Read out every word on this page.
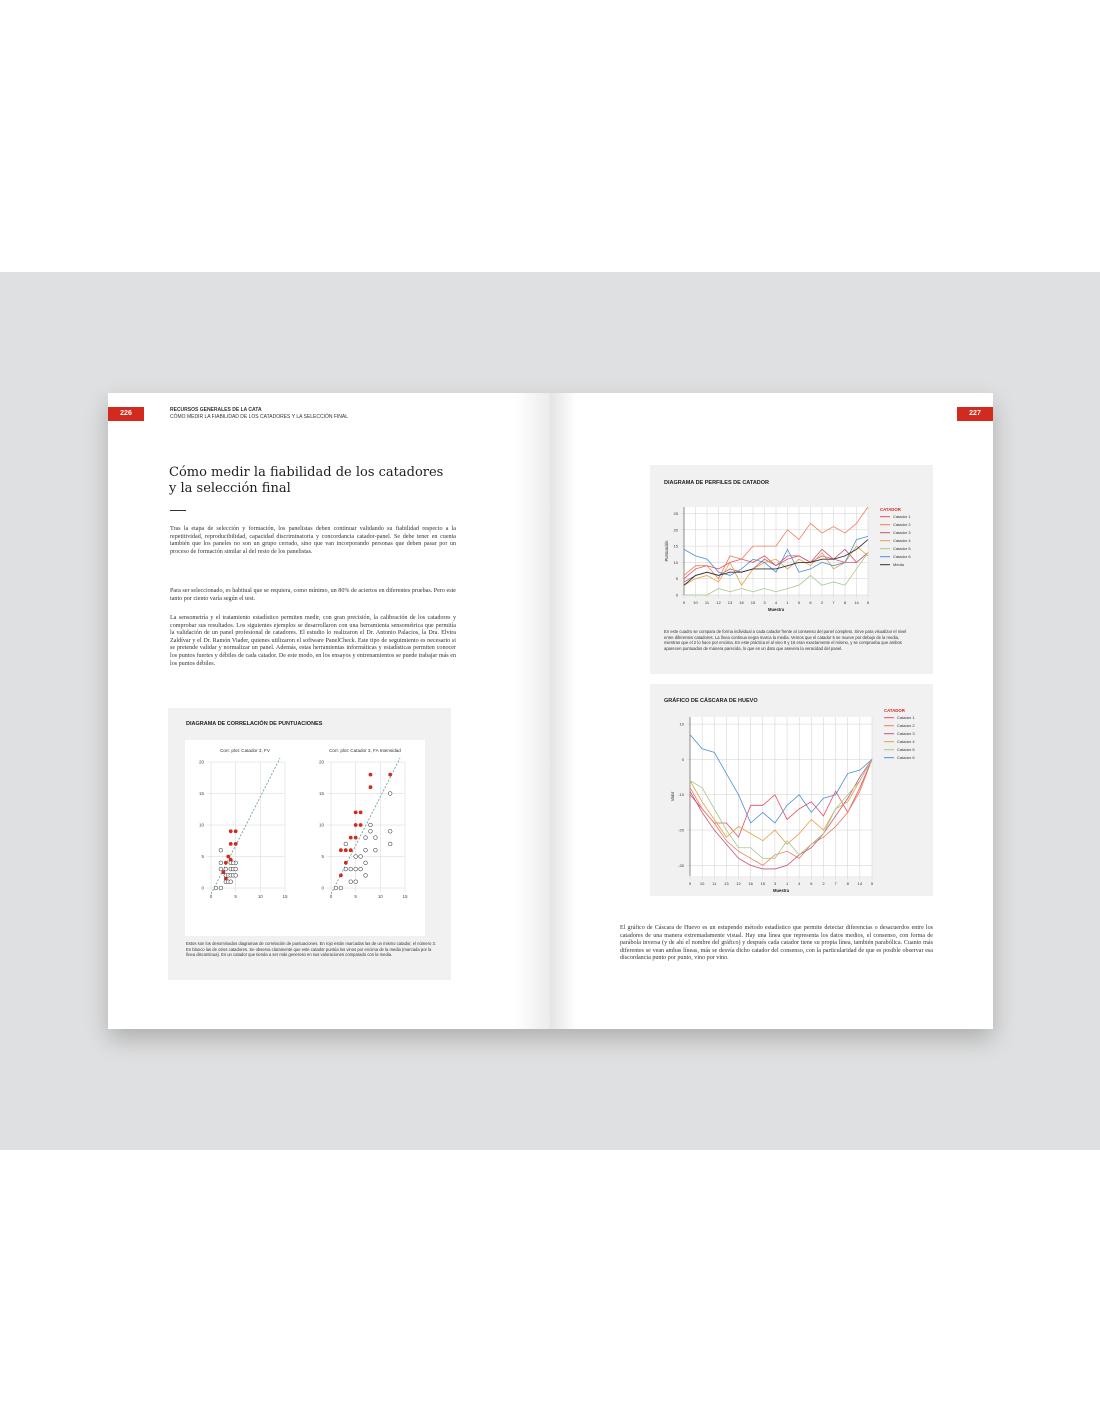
226	RECURSOS GENERALES DE LA CATA
CÓMO MEDIR LA FIABILIDAD DE LOS CATADORES Y LA SELECCIÓN FINAL
Cómo medir la fiabilidad de los catadores
y la selección final
Tras la etapa de selección y formación, los panelistas deben continuar validando su fiabilidad respecto a la repetitividad, reproducibilidad, capacidad discriminatoria y concordancia catador-panel. Se debe tener en cuenta también que los paneles no son un grupo cerrado, sino que van incorporando personas que deben pasar por un proceso de formación similar al del resto de los panelistas.
Para ser seleccionado, es habitual que se requiera, como mínimo, un 80% de aciertos en diferentes pruebas. Pero este tanto por ciento varía según el test.
La sensometría y el tratamiento estadístico permiten medir, con gran precisión, la calibración de los catadores y comprobar sus resultados. Los siguientes ejemplos se desarrollaron con una herramienta sensométrica que permitía la validación de un panel profesional de catadores. El estudio lo realizaron el Dr. Antonio Palacios, la Dra. Elvira Zaldívar y el Dr. Ramón Viader, quienes utilizaron el software PanelCheck. Este tipo de seguimiento es necesario si se pretende validar y normalizar un panel. Además, estas herramientas informáticas y estadísticas permiten conocer los puntos fuertes y débiles de cada catador. De este modo, en los ensayos y entrenamientos se puede trabajar más en los puntos débiles.
DIAGRAMA DE CORRELACIÓN DE PUNTUACIONES
Corr. plot: Catador 3, FV	Corr. plot: Catador 3, FA Intensidad
0	5	10	15
0
5
10
15
20
0	5	10	15
0
5
10
15
20
Estos son los denominados diagramas de correlación de puntuaciones. En rojo están marcadas las de un mismo catador, el número 3. En blanco las de otros catadores. Se observa claramente que este catador puntúa los vinos por encima de la media (marcada por la línea discontinua). Es un catador que tienda a ser más generoso en sus valoraciones comparado con la media.
227
DIAGRAMA DE PERFILES DE CATADOR
9 10 11 12 13 16 15 3 4 1 5 6 2 7 8 14 5
0
5
10
15
20
25
Muestra
Puntuación
CATADOR
Catador 1
Catador 2
Catador 3
Catador 4
Catador 5
Catador 6
Media
En este cuadro se compara de forma individual a cada catador frente al consenso del panel completo. Sirve para visualizar el nivel entre diferentes catadores. La línea continua negra marca la media. Vemos que el catador 5 se mueve por debajo de la media, mientras que el 2 lo hace por encima. En este práctica el al vino 9 y 16 eran exactamente el mismo, y se comprueba que ambos aparecen puntuados de manera parecida, lo que es un dato que asevera la veracidad del panel.
GRÁFICO DE CÁSCARA DE HUEVO
9 10 11 13 12 16 15 3 1 4 6 2 7 8 14 5
10
0
-10
-20
-30
Muestra
Valor
CATADOR
Catador 1
Catador 2
Catador 3
Catador 4
Catador 5
Catador 6
El gráfico de Cáscara de Huevo es un estupendo método estadístico que permite detectar diferencias o desacuerdos entre los catadores de una manera extremadamente visual. Hay una línea que representa los datos medios, el consenso, con forma de parábola inversa (y de ahí el nombre del gráfico) y después cada catador tiene su propia línea, también parabólica. Cuanto más diferentes se vean ambas líneas, más se desvía dicho catador del consenso, con la particularidad de que es posible observar esa discordancia punto por punto, vino por vino.
